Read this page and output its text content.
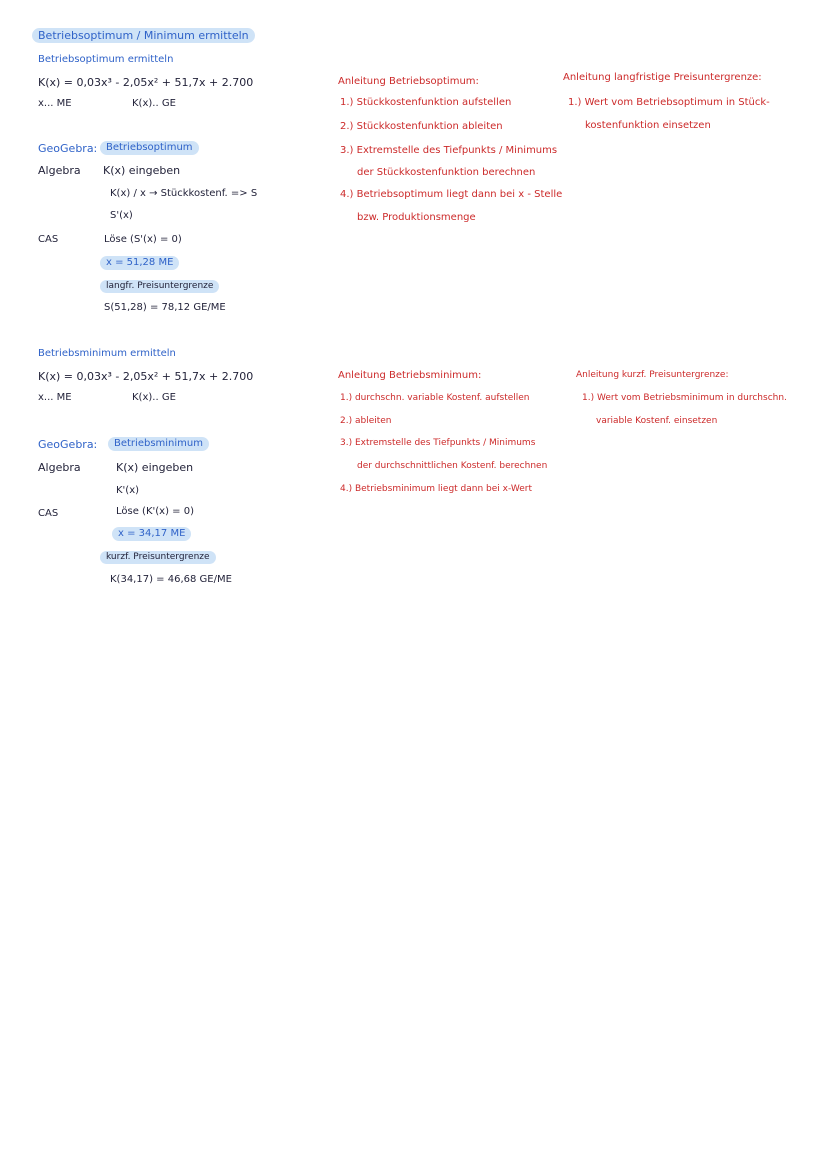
Betriebsoptimum / Minimum ermitteln
Betriebsoptimum ermitteln
K(x) = 0,03x³ - 2,05x² + 51,7x + 2.700
x... ME	K(x).. GE
GeoGebra: Betriebsoptimum
Algebra K(x) eingeben
K(x) / x → Stückkostenf. => S
S'(x)
CAS	Löse (S'(x) = 0)
x = 51,28 ME
langfr. Preisuntergrenze
S(51,28) = 78,12 GE/ME
Anleitung Betriebsoptimum:
1.) Stückkostenfunktion aufstellen
2.) Stückkostenfunktion ableiten
3.) Extremstelle des Tiefpunkts / Minimums
der Stückkostenfunktion berechnen
4.) Betriebsoptimum liegt dann bei x - Stelle
bzw. Produktionsmenge
Anleitung langfristige Preisuntergrenze:
1.) Wert vom Betriebsoptimum in Stück-
kostenfunktion einsetzen
Betriebsminimum ermitteln
K(x) = 0,03x³ - 2,05x² + 51,7x + 2.700
x... ME	K(x).. GE
GeoGebra:	Betriebsminimum
Algebra	K(x) eingeben
K'(x)
CAS	Löse (K'(x) = 0)
x = 34,17 ME
kurzf. Preisuntergrenze
K(34,17) = 46,68 GE/ME
Anleitung Betriebsminimum:
1.) durchschn. variable Kostenf. aufstellen
2.) ableiten
3.) Extremstelle des Tiefpunkts / Minimums
der durchschnittlichen Kostenf. berechnen
4.) Betriebsminimum liegt dann bei x-Wert
Anleitung kurzf. Preisuntergrenze:
1.) Wert vom Betriebsminimum in durchschn.
variable Kostenf. einsetzen
